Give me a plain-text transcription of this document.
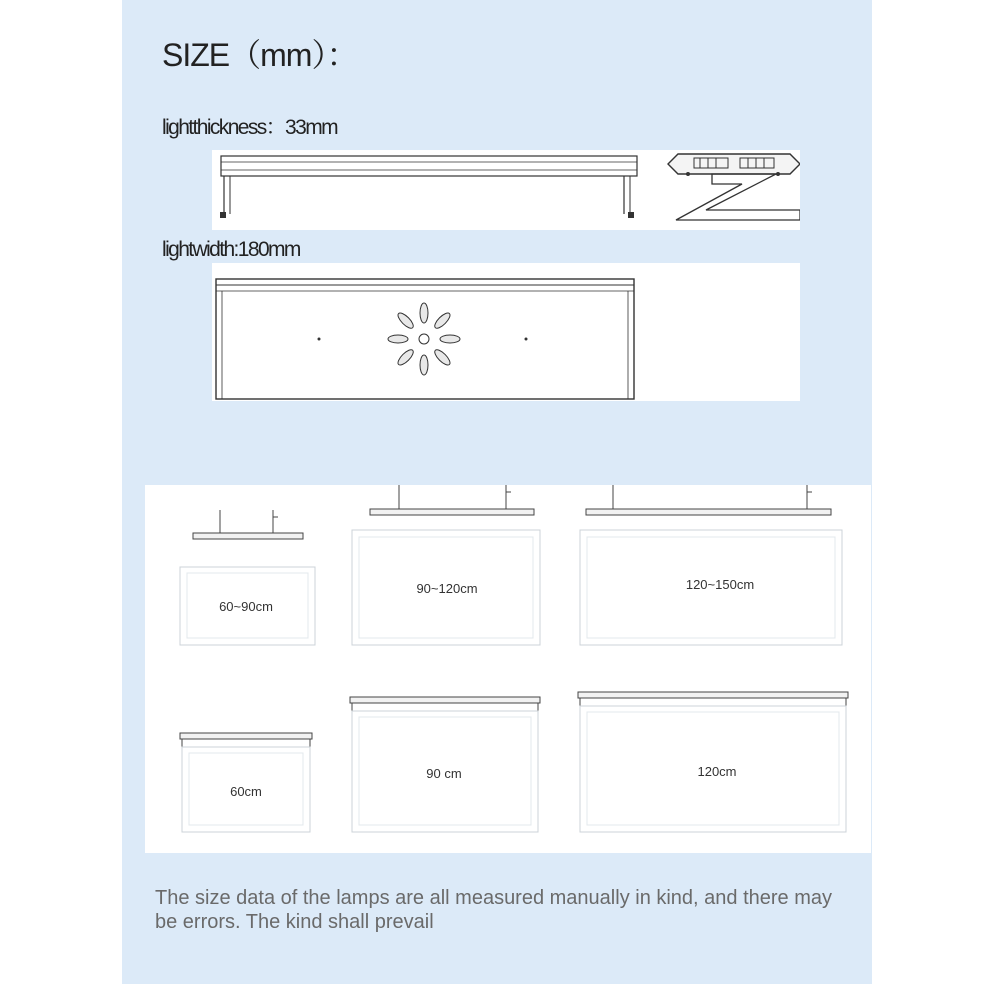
SIZE（mm）：
lightthickness：33mm
lightwidth:180mm
60~90cm
90~120cm	120~150cm
60cm
90 cm	120cm
The size data of the lamps are all measured manually in kind, and there may be errors. The kind shall prevail
